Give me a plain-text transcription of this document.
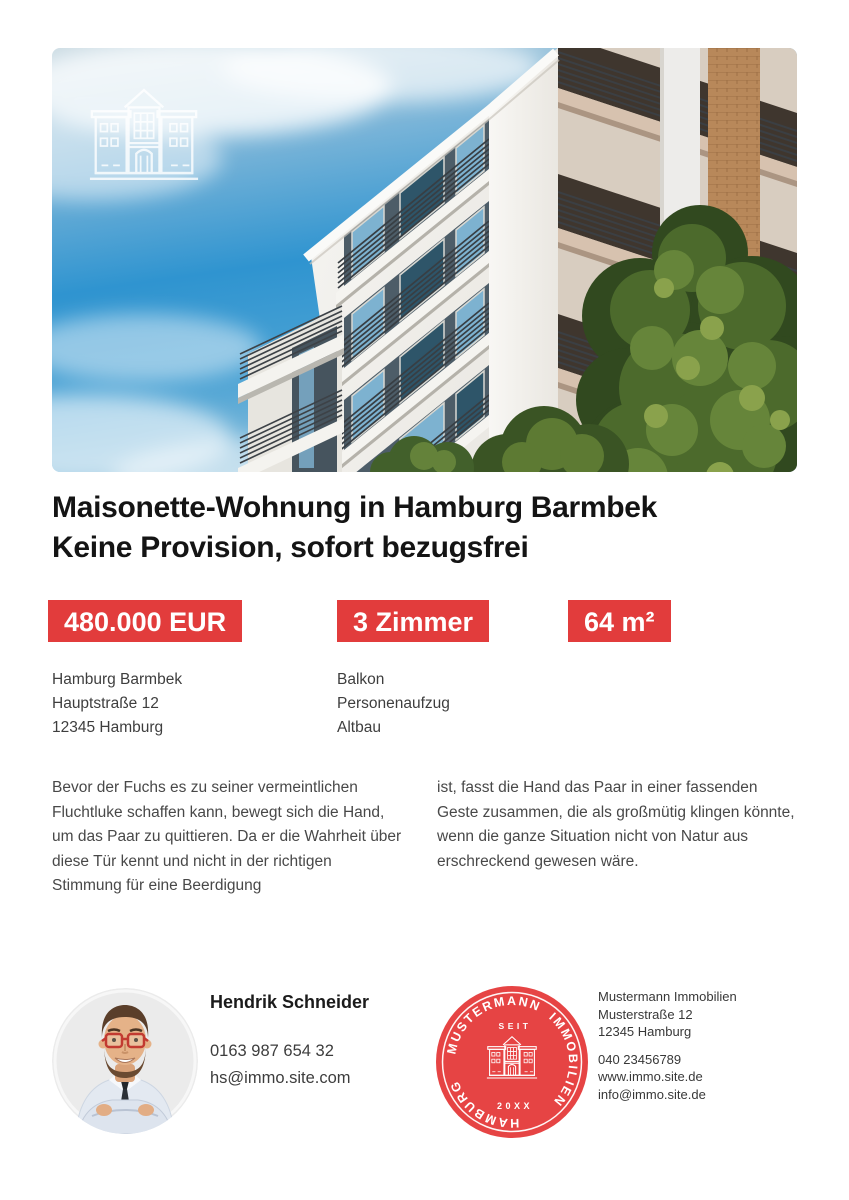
Maisonette-Wohnung in Hamburg Barmbek
Keine Provision, sofort bezugsfrei
480.000 EUR	3 Zimmer	64 m²
Hamburg Barmbek
Hauptstraße 12
12345 Hamburg
Balkon
Personenaufzug
Altbau

Bevor der Fuchs es zu seiner vermeintlichen Fluchtluke schaffen kann, bewegt sich die Hand, um das Paar zu quittieren. Da er die Wahrheit über diese Tür kennt und nicht in der richtigen Stimmung für eine Beerdigung

ist, fasst die Hand das Paar in einer fassenden Geste zusammen, die als großmütig klingen könnte, wenn die ganze Situation nicht von Natur aus erschreckend gewesen wäre.

Hendrik Schneider
0163 987 654 32
hs@immo.site.com
MUSTERMANN
IMMOBILIEN
HAMBURG
SEIT
20XX
Mustermann Immobilien
Musterstraße 12
12345 Hamburg
040 23456789
www.immo.site.de
info@immo.site.de
